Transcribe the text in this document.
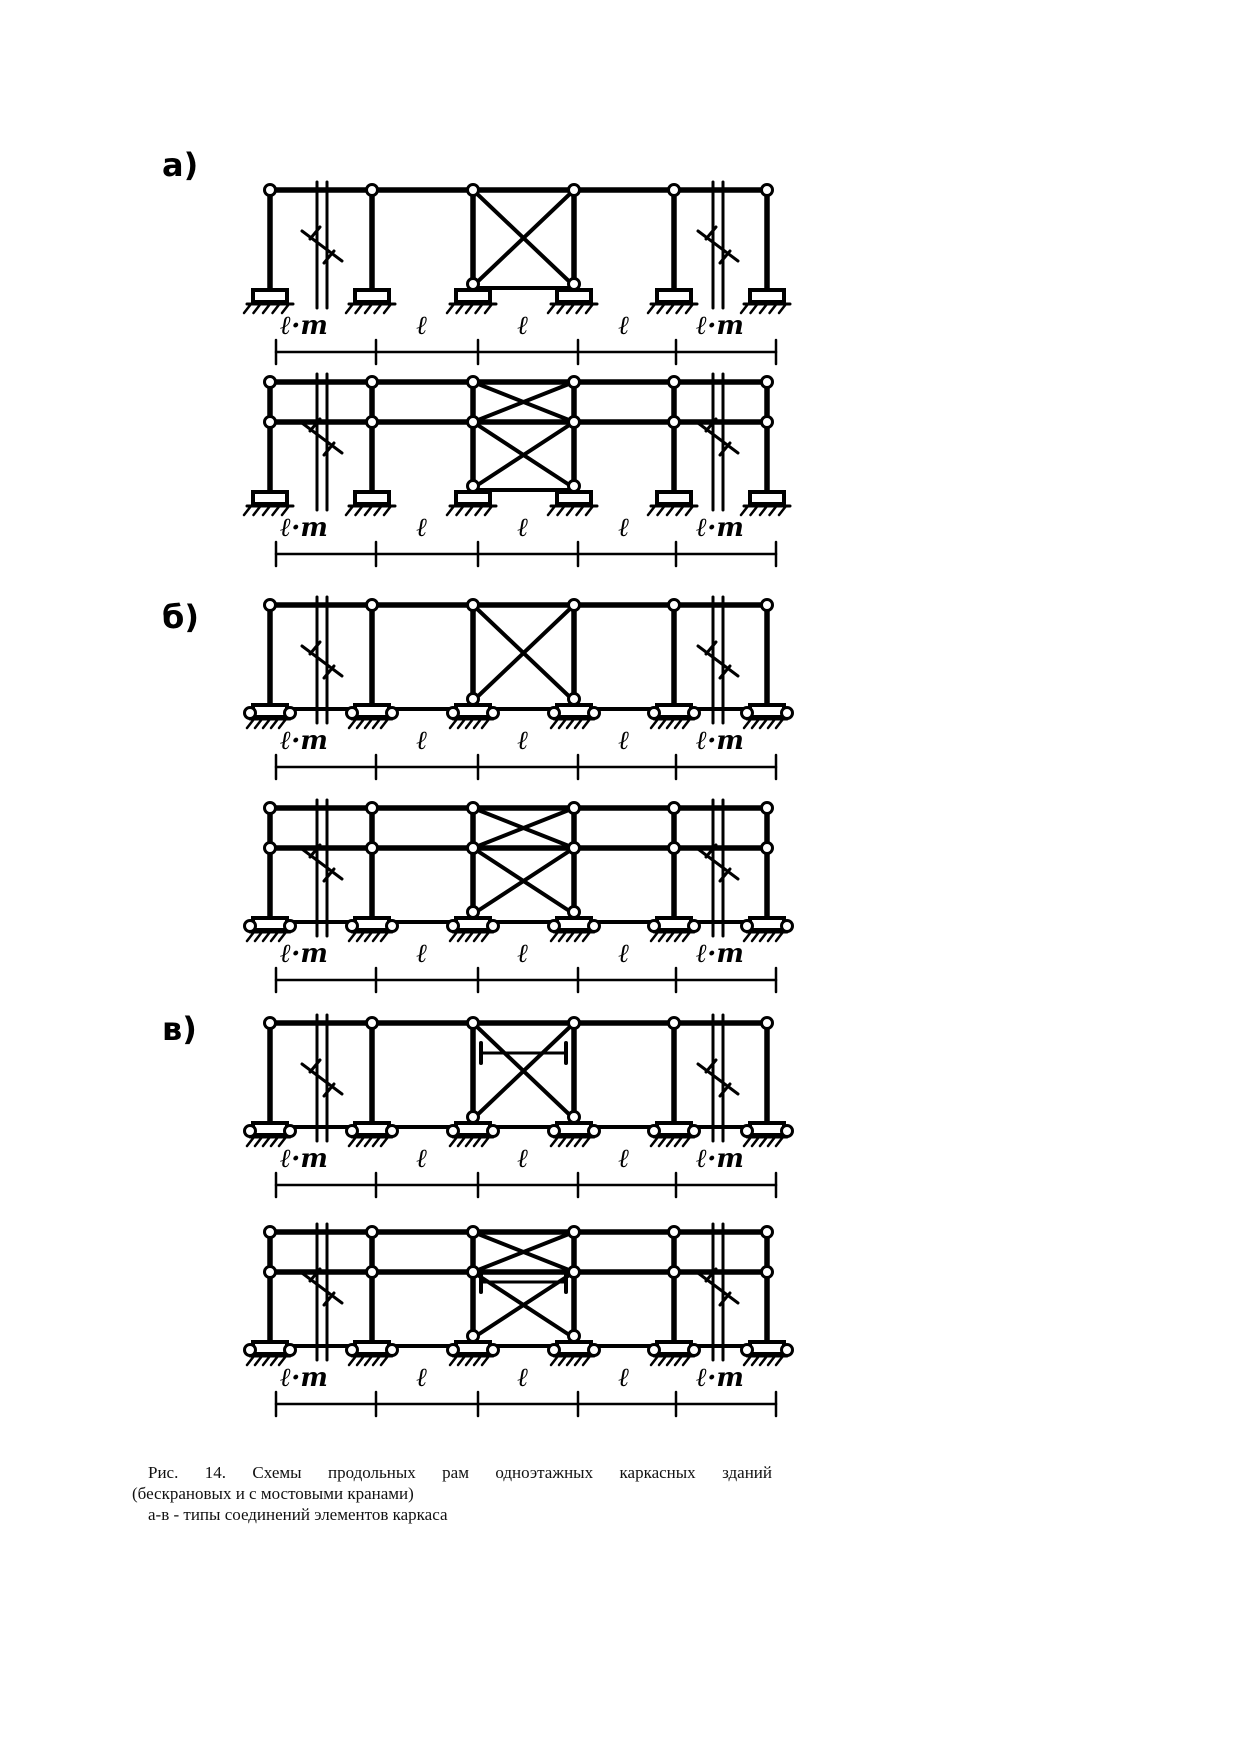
а)
б)
в)
ℓ·m	ℓ	ℓ	ℓ	ℓ·m
ℓ·m	ℓ	ℓ	ℓ	ℓ·m
ℓ·m	ℓ	ℓ	ℓ	ℓ·m
ℓ·m	ℓ	ℓ	ℓ	ℓ·m
ℓ·m	ℓ	ℓ	ℓ	ℓ·m
ℓ·m	ℓ	ℓ	ℓ	ℓ·m

Рис. 14. Схемы продольных рам одноэтажных каркасных зданий

(бескрановых и с мостовыми кранами)

а-в - типы соединений элементов каркаса
